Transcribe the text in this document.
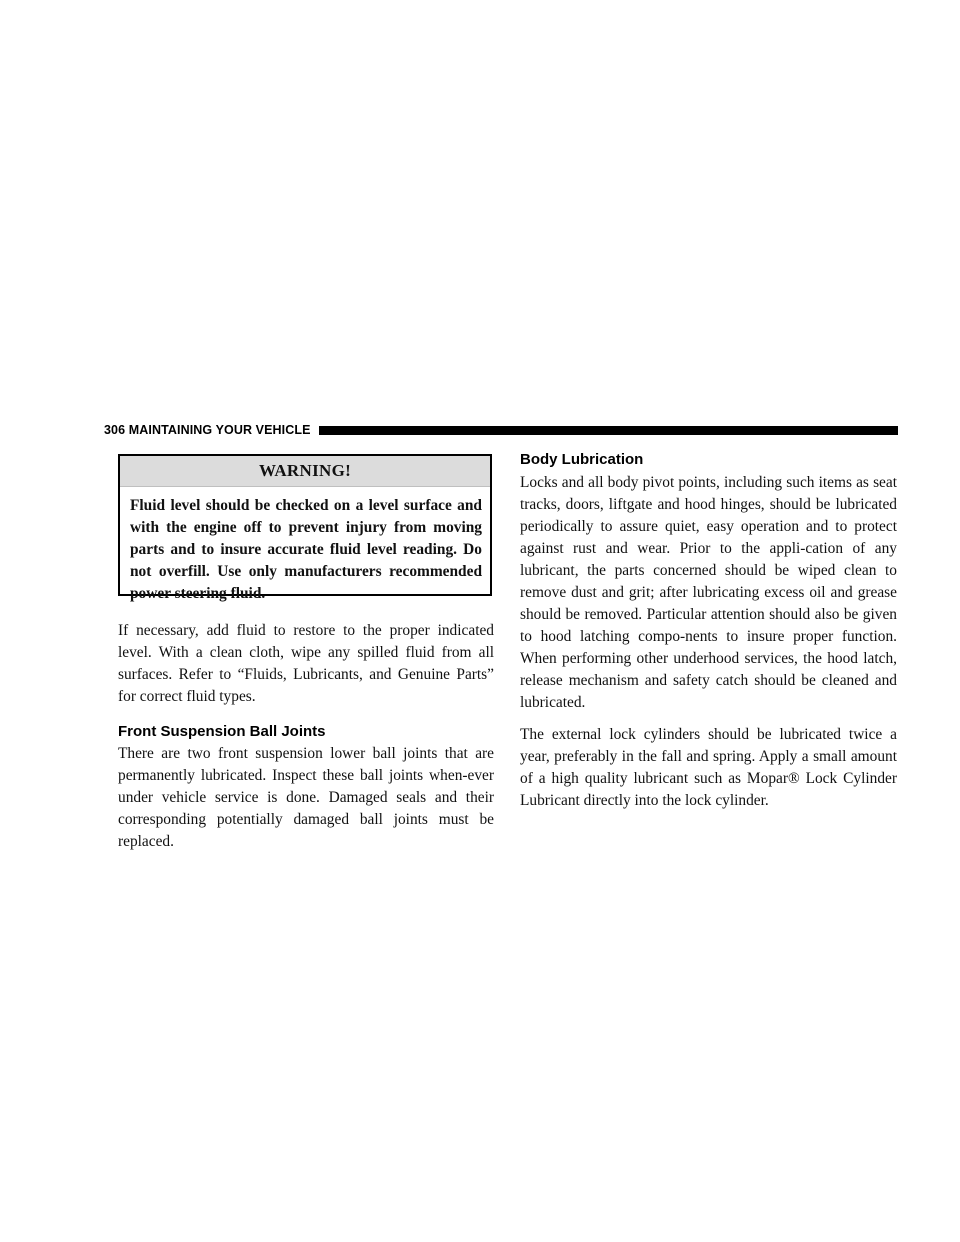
306 MAINTAINING YOUR VEHICLE
WARNING!
Fluid level should be checked on a level surface and with the engine off to prevent injury from moving parts and to insure accurate fluid level reading. Do not overfill. Use only manufacturers recommended power steering fluid.

If necessary, add fluid to restore to the proper indicated level. With a clean cloth, wipe any spilled fluid from all surfaces. Refer to “Fluids, Lubricants, and Genuine Parts” for correct fluid types.

Front Suspension Ball Joints

There are two front suspension lower ball joints that are permanently lubricated. Inspect these ball joints when-ever under vehicle service is done. Damaged seals and their corresponding potentially damaged ball joints must be replaced.

Body Lubrication

Locks and all body pivot points, including such items as seat tracks, doors, liftgate and hood hinges, should be lubricated periodically to assure quiet, easy operation and to protect against rust and wear. Prior to the appli-cation of any lubricant, the parts concerned should be wiped clean to remove dust and grit; after lubricating excess oil and grease should be removed. Particular attention should also be given to hood latching compo-nents to insure proper function. When performing other underhood services, the hood latch, release mechanism and safety catch should be cleaned and lubricated.

The external lock cylinders should be lubricated twice a year, preferably in the fall and spring. Apply a small amount of a high quality lubricant such as Mopar® Lock Cylinder Lubricant directly into the lock cylinder.
